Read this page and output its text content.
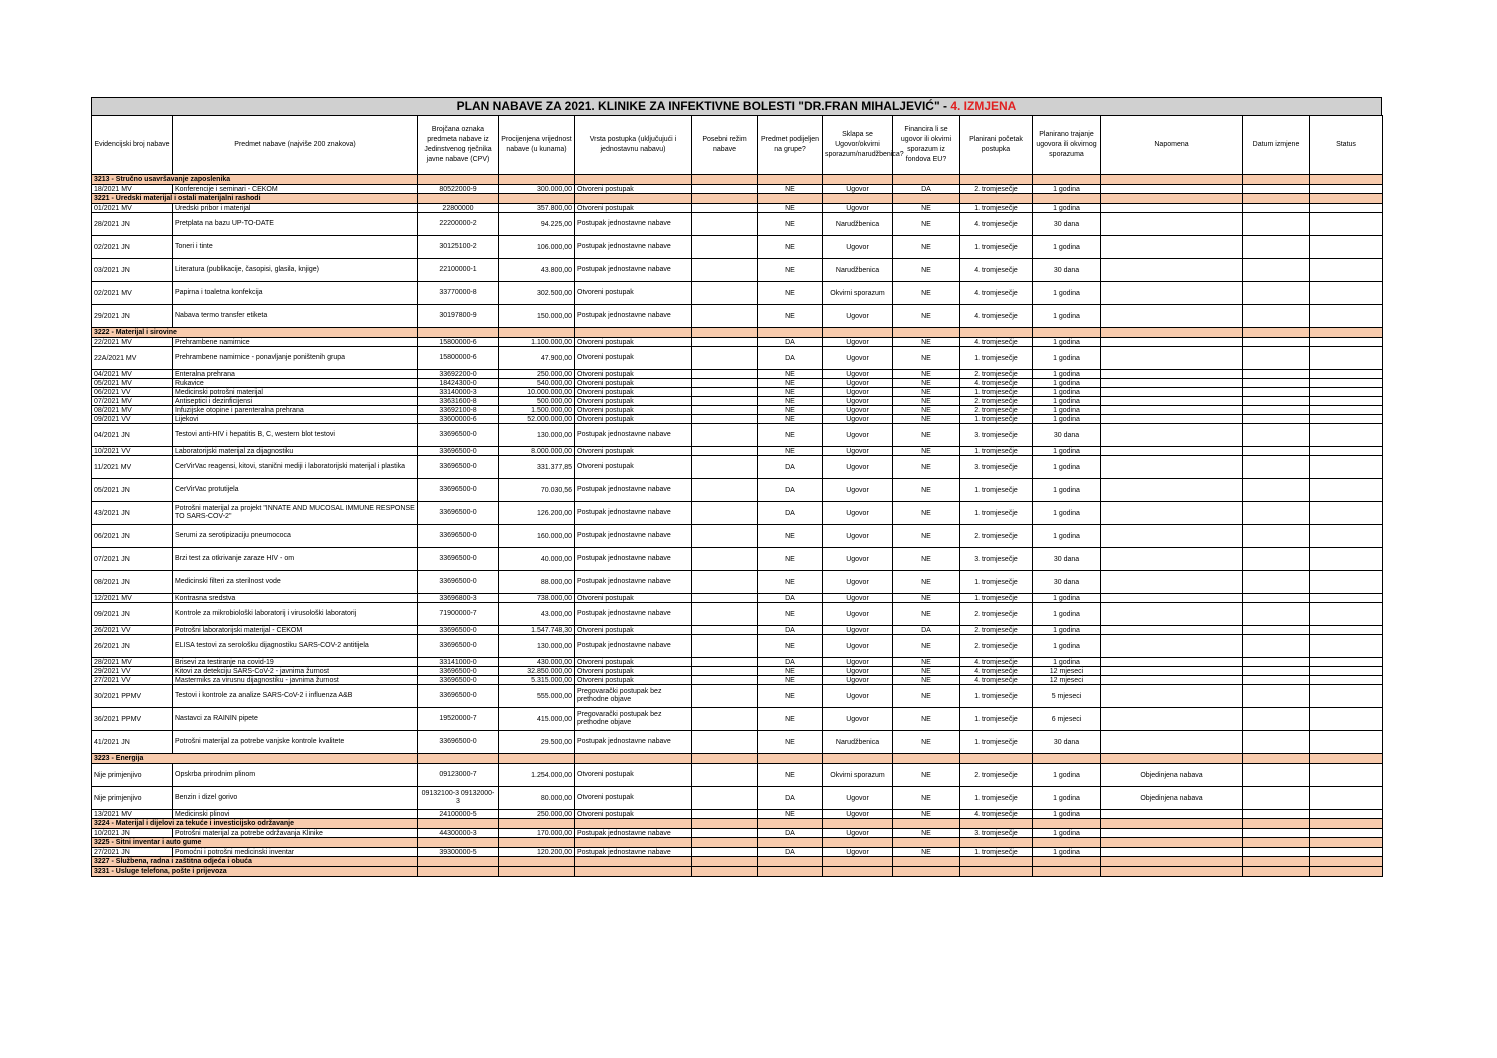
PLAN NABAVE ZA 2021. KLINIKE ZA INFEKTIVNE BOLESTI "DR.FRAN MIHALJEVIĆ" - 4. IZMJENA
Evidencijski broj nabave	Predmet nabave (najviše 200 znakova)	Brojčana oznaka predmeta nabave iz Jedinstvenog rječnika javne nabave (CPV)	Procijenjena vrijednost nabave (u kunama)	Vrsta postupka (uključujući i jednostavnu nabavu)	Posebni režim nabave	Predmet podijeljen na grupe?	Sklapa se Ugovor/okvirni sporazum/narudžbenica?	Financira li se ugovor ili okvirni sporazum iz fondova EU?	Planirani početak postupka	Planirano trajanje ugovora ili okvirnog sporazuma	Napomena	Datum izmjene	Status
3213 - Stručno usavršavanje zaposlenika													
18/2021 MV	Konferencije i seminari - CEKOM	80522000-9	300.000,00	Otvoreni postupak		NE	Ugovor	DA	2. tromjesečje	1 godina			
3221 - Uredski materijal i ostali materijalni rashodi													
01/2021 MV	Uredski pribor i materijal	22800000	357.800,00	Otvoreni postupak		NE	Ugovor	NE	1. tromjesečje	1 godina			
28/2021 JN	Pretplata na bazu UP-TO-DATE	22200000-2	94.225,00	Postupak jednostavne nabave		NE	Narudžbenica	NE	4. tromjesečje	30 dana			
02/2021 JN	Toneri i tinte	30125100-2	106.000,00	Postupak jednostavne nabave		NE	Ugovor	NE	1. tromjesečje	1 godina			
03/2021 JN	Literatura (publikacije, časopisi, glasila, knjige)	22100000-1	43.800,00	Postupak jednostavne nabave		NE	Narudžbenica	NE	4. tromjesečje	30 dana			
02/2021 MV	Papirna i toaletna konfekcija	33770000-8	302.500,00	Otvoreni postupak		NE	Okvirni sporazum	NE	4. tromjesečje	1 godina			
29/2021 JN	Nabava termo transfer etiketa	30197800-9	150.000,00	Postupak jednostavne nabave		NE	Ugovor	NE	4. tromjesečje	1 godina			
3222 - Materijal i sirovine													
22/2021 MV	Prehrambene namirnice	15800000-6	1.100.000,00	Otvoreni postupak		DA	Ugovor	NE	4. tromjesečje	1 godina			
22A/2021 MV	Prehrambene namirnice - ponavljanje poništenih grupa	15800000-6	47.900,00	Otvoreni postupak		DA	Ugovor	NE	1. tromjesečje	1 godina			
04/2021 MV	Enteralna prehrana	33692200-0	250.000,00	Otvoreni postupak		NE	Ugovor	NE	2. tromjesečje	1 godina			
05/2021 MV	Rukavice	18424300-0	540.000,00	Otvoreni postupak		NE	Ugovor	NE	4. tromjesečje	1 godina			
06/2021 VV	Medicinski potrošni materijal	33140000-3	10.000.000,00	Otvoreni postupak		NE	Ugovor	NE	1. tromjesečje	1 godina			
07/2021 MV	Antiseptici i dezinficijensi	33631600-8	500.000,00	Otvoreni postupak		NE	Ugovor	NE	2. tromjesečje	1 godina			
08/2021 MV	Infuzijske otopine i parenteralna prehrana	33692100-8	1.500.000,00	Otvoreni postupak		NE	Ugovor	NE	2. tromjesečje	1 godina			
09/2021 VV	Lijekovi	33600000-6	52.000.000,00	Otvoreni postupak		NE	Ugovor	NE	1. tromjesečje	1 godina			
04/2021 JN	Testovi anti-HIV i hepatitis B, C, western blot testovi	33696500-0	130.000,00	Postupak jednostavne nabave		NE	Ugovor	NE	3. tromjesečje	30 dana			
10/2021 VV	Laboratorijski materijal za dijagnostiku	33696500-0	8.000.000,00	Otvoreni postupak		NE	Ugovor	NE	1. tromjesečje	1 godina			
11/2021 MV	CerVirVac reagensi, kitovi, stanični mediji i laboratorijski materijal i plastika	33696500-0	331.377,85	Otvoreni postupak		DA	Ugovor	NE	3. tromjesečje	1 godina			
05/2021 JN	CerVirVac protutijela	33696500-0	70.030,56	Postupak jednostavne nabave		DA	Ugovor	NE	1. tromjesečje	1 godina			
43/2021 JN	Potrošni materijal za projekt "INNATE AND MUCOSAL IMMUNE RESPONSE TO SARS-COV-2"	33696500-0	126.200,00	Postupak jednostavne nabave		DA	Ugovor	NE	1. tromjesečje	1 godina			
06/2021 JN	Serumi za serotipizaciju pneumococa	33696500-0	160.000,00	Postupak jednostavne nabave		NE	Ugovor	NE	2. tromjesečje	1 godina			
07/2021 JN	Brzi test za otkrivanje zaraze HIV - om	33696500-0	40.000,00	Postupak jednostavne nabave		NE	Ugovor	NE	3. tromjesečje	30 dana			
08/2021 JN	Medicinski filteri za sterilnost vode	33696500-0	88.000,00	Postupak jednostavne nabave		NE	Ugovor	NE	1. tromjesečje	30 dana			
12/2021 MV	Kontrasna sredstva	33696800-3	738.000,00	Otvoreni postupak		DA	Ugovor	NE	1. tromjesečje	1 godina			
09/2021 JN	Kontrole za mikrobiološki laboratorij i virusološki laboratorij	71900000-7	43.000,00	Postupak jednostavne nabave		NE	Ugovor	NE	2. tromjesečje	1 godina			
26/2021 VV	Potrošni laboratorijski materijal - CEKOM	33696500-0	1.547.748,30	Otvoreni postupak		DA	Ugovor	DA	2. tromjesečje	1 godina			
26/2021 JN	ELISA testovi za serološku dijagnostiku SARS-COV-2 antitijela	33696500-0	130.000,00	Postupak jednostavne nabave		NE	Ugovor	NE	2. tromjesečje	1 godina			
28/2021 MV	Brisevi za testiranje na covid-19	33141000-0	430.000,00	Otvoreni postupak		DA	Ugovor	NE	4. tromjesečje	1 godina			
29/2021 VV	Kitovi za detekciju SARS-CoV-2 - javnima žurnost	33696500-0	32.850.000,00	Otvoreni postupak		NE	Ugovor	NE	4. tromjesečje	12 mjeseci			
27/2021 VV	Mastermiks za virusnu dijagnostiku - javnima žurnost	33696500-0	5.315.000,00	Otvoreni postupak		NE	Ugovor	NE	4. tromjesečje	12 mjeseci			
30/2021 PPMV	Testovi i kontrole za analize SARS-CoV-2 i influenza A&B	33696500-0	555.000,00	Pregovarački postupak bez prethodne objave		NE	Ugovor	NE	1. tromjesečje	5 mjeseci			
36/2021 PPMV	Nastavci za RAININ pipete	19520000-7	415.000,00	Pregovarački postupak bez prethodne objave		NE	Ugovor	NE	1. tromjesečje	6 mjeseci			
41/2021 JN	Potrošni materijal za potrebe vanjske kontrole kvalitete	33696500-0	29.500,00	Postupak jednostavne nabave		NE	Narudžbenica	NE	1. tromjesečje	30 dana			
3223 - Energija													
Nije primjenjivo	Opskrba prirodnim plinom	09123000-7	1.254.000,00	Otvoreni postupak		NE	Okvirni sporazum	NE	2. tromjesečje	1 godina	Objedinjena nabava		
Nije primjenjivo	Benzin i dizel gorivo	09132100-3 09132000-3	80.000,00	Otvoreni postupak		DA	Ugovor	NE	1. tromjesečje	1 godina	Objedinjena nabava		
13/2021 MV	Medicinski plinovi	24100000-5	250.000,00	Otvoreni postupak		NE	Ugovor	NE	4. tromjesečje	1 godina			
3224 - Materijal i dijelovi za tekuće i investicijsko održavanje													
10/2021 JN	Potrošni materijal za potrebe održavanja Klinike	44300000-3	170.000,00	Postupak jednostavne nabave		DA	Ugovor	NE	3. tromjesečje	1 godina			
3225 - Sitni inventar i auto gume													
27/2021 JN	Pomoćni i potrošni medicinski inventar	39300000-5	120.200,00	Postupak jednostavne nabave		DA	Ugovor	NE	1. tromjesečje	1 godina			
3227 - Službena, radna i zaštitna odjeća i obuća													
3231 - Usluge telefona, pošte i prijevoza													
